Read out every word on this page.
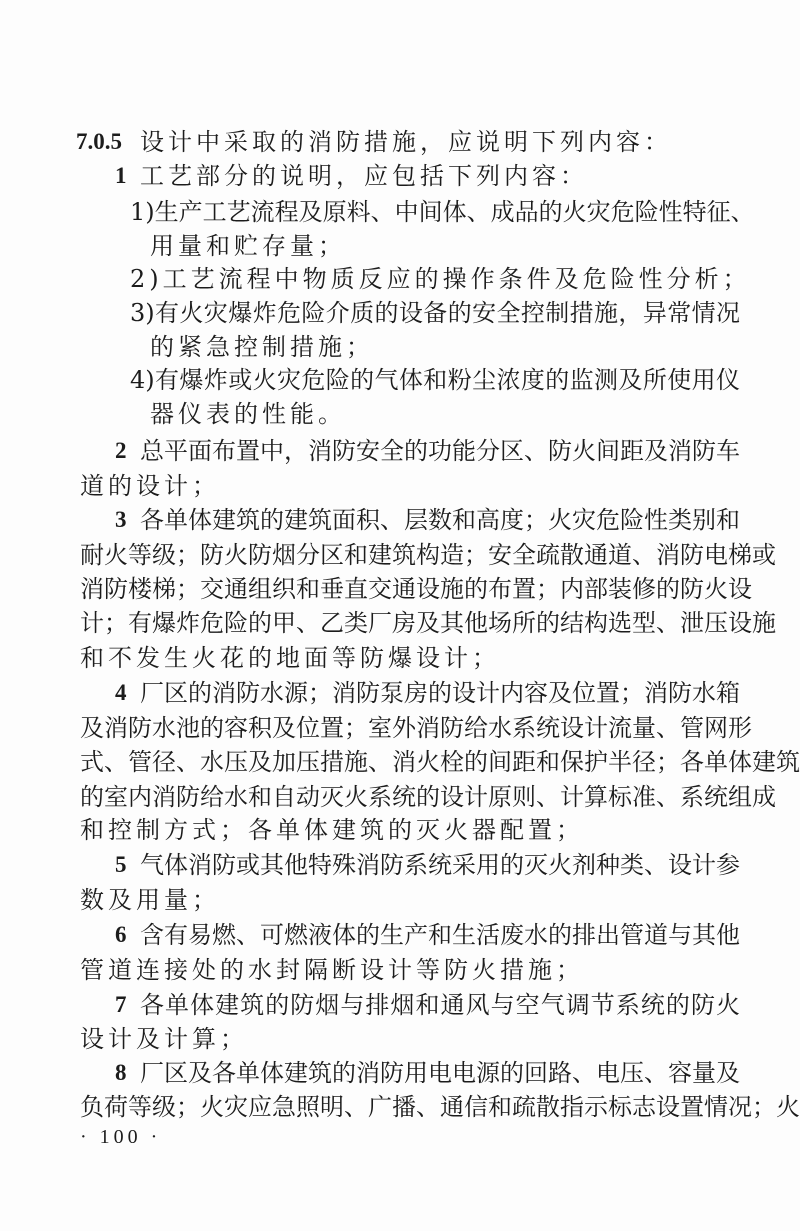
7.0.5 设计中采取的消防措施，应说明下列内容：
1 工艺部分的说明，应包括下列内容：
1)生产工艺流程及原料、中间体、成品的火灾危险性特征、
用量和贮存量；
2)工艺流程中物质反应的操作条件及危险性分析；
3)有火灾爆炸危险介质的设备的安全控制措施，异常情况
的紧急控制措施；
4)有爆炸或火灾危险的气体和粉尘浓度的监测及所使用仪
器仪表的性能。
2 总平面布置中，消防安全的功能分区、防火间距及消防车
道的设计；
3 各单体建筑的建筑面积、层数和高度；火灾危险性类别和
耐火等级；防火防烟分区和建筑构造；安全疏散通道、消防电梯或
消防楼梯；交通组织和垂直交通设施的布置；内部装修的防火设
计；有爆炸危险的甲、乙类厂房及其他场所的结构选型、泄压设施
和不发生火花的地面等防爆设计；
4 厂区的消防水源；消防泵房的设计内容及位置；消防水箱
及消防水池的容积及位置；室外消防给水系统设计流量、管网形
式、管径、水压及加压措施、消火栓的间距和保护半径；各单体建筑
的室内消防给水和自动灭火系统的设计原则、计算标准、系统组成
和控制方式；各单体建筑的灭火器配置；
5 气体消防或其他特殊消防系统采用的灭火剂种类、设计参
数及用量；
6 含有易燃、可燃液体的生产和生活废水的排出管道与其他
管道连接处的水封隔断设计等防火措施；
7 各单体建筑的防烟与排烟和通风与空气调节系统的防火
设计及计算；
8 厂区及各单体建筑的消防用电电源的回路、电压、容量及
负荷等级；火灾应急照明、广播、通信和疏散指示标志设置情况；火
· 100 ·
